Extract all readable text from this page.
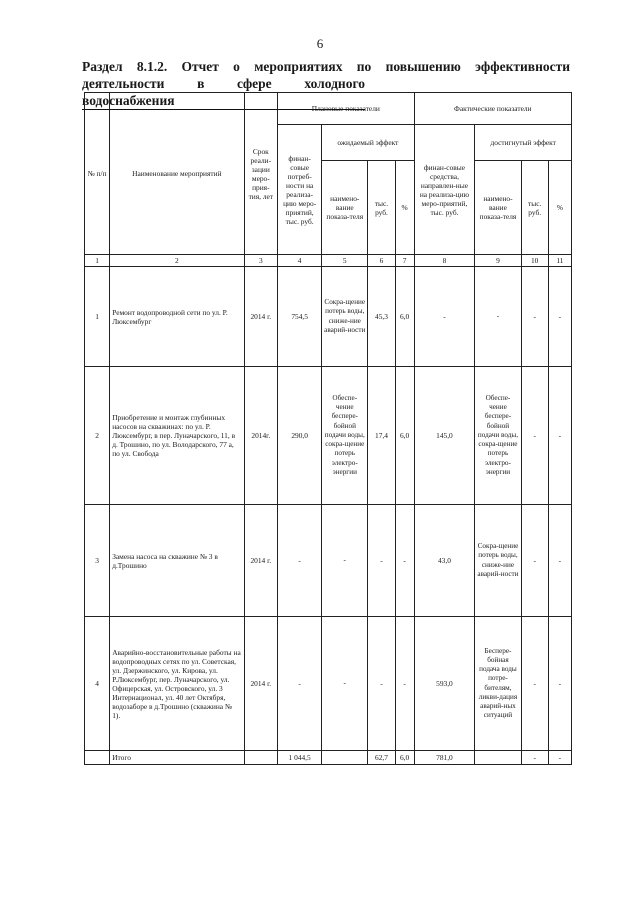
6
Раздел 8.1.2. Отчет о мероприятиях по повышению эффективности
деятельности в сфере холодного водоснабжения
№ п/п	Наименование мероприятий	Срок реали-зации меро-прия-тия, лет	Плановые показатели				Фактические показатели			
			финан-совые потреб-ности на реализа-цию меро-приятий, тыс. руб.	ожидаемый эффект			финан-совые средства, направлен-ные на реализа-цию меро-приятий, тыс. руб.	достигнутый эффект		
				наимено-вание показа-теля	тыс. руб.	%		наимено-вание показа-теля	тыс. руб.	%
1	2	3	4	5	6	7	8	9	10	11
1	Ремонт водопроводной сети по ул. Р. Люксембург	2014 г.	754,5	Сокра-щение потерь воды, сниже-ние аварий-ности	45,3	6,0	-	-	-	-
2	Приобретение и монтаж глубинных насосов на скважинах: по ул. Р. Люксембург, в пер. Луначарского, 11, в д. Трошино, по ул. Володарского, 77 а, по ул. Свобода	2014г.	290,0	Обеспе-чение беспере-бойной подачи воды, сокра-щение потерь электро-энергии	17,4	6,0	145,0	Обеспе-чение беспере-бойной подачи воды, сокра-щение потерь электро-энергии	-	-
3	Замена насоса на скважине № 3 в д.Трошино	2014 г.	-	-	-	-	43,0	Сокра-щение потерь воды, сниже-ние аварий-ности	-	-
4	Аварийно-восстановительные работы на водопроводных сетях по ул. Советская, ул. Дзержинского, ул. Кирова, ул. Р.Люксембург, пер. Луначарского, ул. Офицерская, ул. Островского, ул. 3 Интернационал, ул. 40 лет Октября, водозаборе в д.Трошино (скважина № 1).	2014 г.	-	-	-	-	593,0	Беспере-бойная подача воды потре-бителям, ликви-дация аварий-ных ситуаций	-	-
	Итого		1 044,5		62,7	6,0	781,0		-	-
